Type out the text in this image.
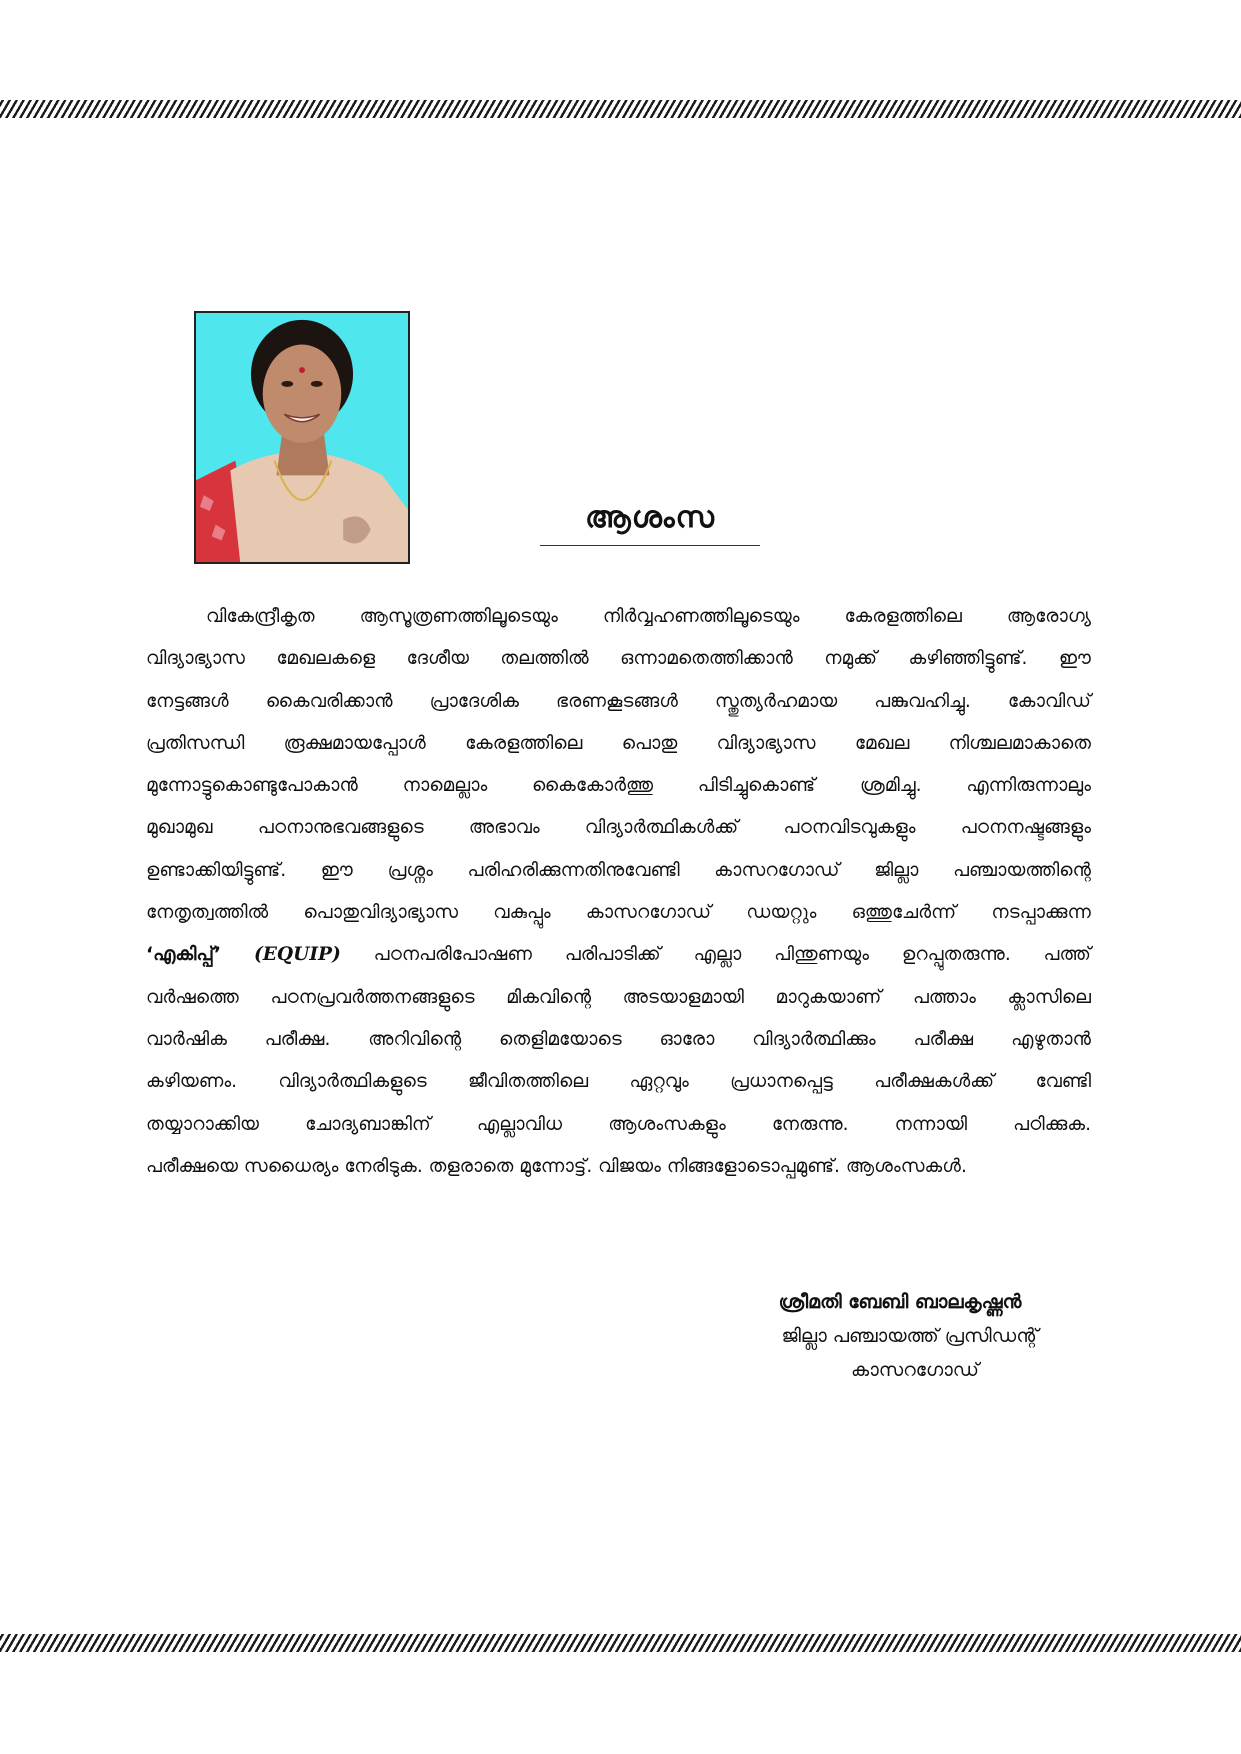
ആശംസ
വികേന്ദ്രീകൃത ആസൂത്രണത്തിലൂടെയും നിർവ്വഹണത്തിലൂടെയും കേരളത്തിലെ ആരോഗ്യ
വിദ്യാഭ്യാസ മേഖലകളെ ദേശീയ തലത്തിൽ ഒന്നാമതെത്തിക്കാൻ നമുക്ക് കഴിഞ്ഞിട്ടുണ്ട്. ഈ
നേട്ടങ്ങൾ കൈവരിക്കാൻ പ്രാദേശിക ഭരണകൂടങ്ങൾ സ്തുത്യർഹമായ പങ്കുവഹിച്ചു. കോവിഡ്
പ്രതിസന്ധി രൂക്ഷമായപ്പോൾ കേരളത്തിലെ പൊതു വിദ്യാഭ്യാസ മേഖല നിശ്ചലമാകാതെ
മുന്നോട്ടുകൊണ്ടുപോകാൻ നാമെല്ലാം കൈകോർത്തു പിടിച്ചുകൊണ്ട് ശ്രമിച്ചു. എന്നിരുന്നാലും
മുഖാമുഖ പഠനാനുഭവങ്ങളുടെ അഭാവം വിദ്യാർത്ഥികൾക്ക് പഠനവിടവുകളും പഠനനഷ്ടങ്ങളും
ഉണ്ടാക്കിയിട്ടുണ്ട്. ഈ പ്രശ്നം പരിഹരിക്കുന്നതിനുവേണ്ടി കാസറഗോഡ് ജില്ലാ പഞ്ചായത്തിന്റെ
നേതൃത്വത്തിൽ പൊതുവിദ്യാഭ്യാസ വകുപ്പും കാസറഗോഡ് ഡയറ്റും ഒത്തുചേർന്ന് നടപ്പാക്കുന്ന
‘എകിപ്പ്’ (EQUIP) പഠനപരിപോഷണ പരിപാടിക്ക് എല്ലാ പിന്തുണയും ഉറപ്പുതരുന്നു. പത്ത്
വർഷത്തെ പഠനപ്രവർത്തനങ്ങളുടെ മികവിന്റെ അടയാളമായി മാറുകയാണ് പത്താം ക്ലാസിലെ
വാർഷിക പരീക്ഷ. അറിവിന്റെ തെളിമയോടെ ഓരോ വിദ്യാർത്ഥിക്കും പരീക്ഷ എഴുതാൻ
കഴിയണം. വിദ്യാർത്ഥികളുടെ ജീവിതത്തിലെ ഏറ്റവും പ്രധാനപ്പെട്ട പരീക്ഷകൾക്ക് വേണ്ടി
തയ്യാറാക്കിയ ചോദ്യബാങ്കിന് എല്ലാവിധ ആശംസകളും നേരുന്നു. നന്നായി പഠിക്കുക.
പരീക്ഷയെ സധൈര്യം നേരിടുക. തളരാതെ മുന്നോട്ട്. വിജയം നിങ്ങളോടൊപ്പമുണ്ട്. ആശംസകൾ.
ശ്രീമതി ബേബി ബാലകൃഷ്ണൻ
ജില്ലാ പഞ്ചായത്ത് പ്രസിഡന്റ്
കാസറഗോഡ്
